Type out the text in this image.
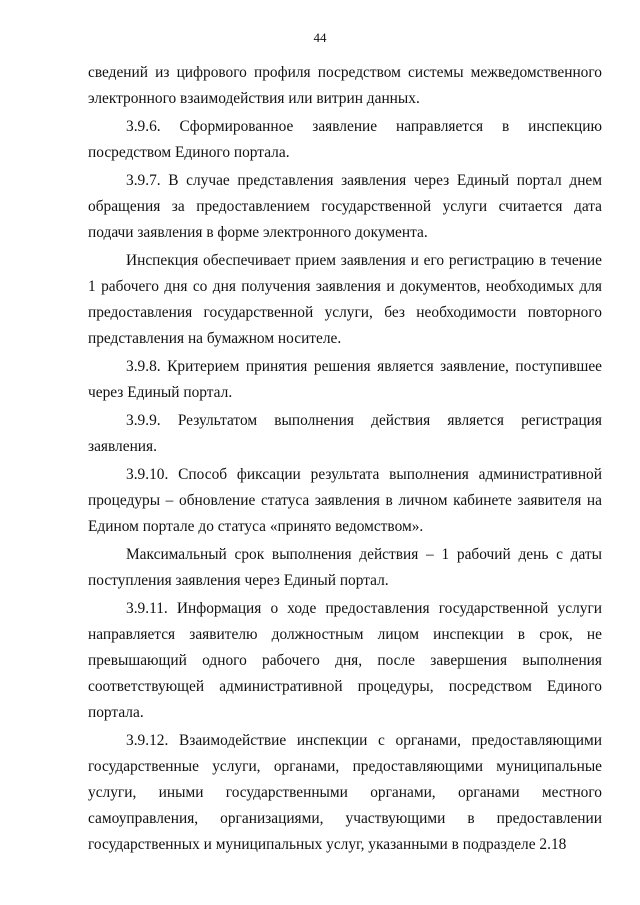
44

сведений из цифрового профиля посредством системы межведомственного электронного взаимодействия или витрин данных.

3.9.6. Сформированное заявление направляется в инспекцию посредством Единого портала.

3.9.7. В случае представления заявления через Единый портал днем обращения за предоставлением государственной услуги считается дата подачи заявления в форме электронного документа.

Инспекция обеспечивает прием заявления и его регистрацию в течение 1 рабочего дня со дня получения заявления и документов, необходимых для предоставления государственной услуги, без необходимости повторного представления на бумажном носителе.

3.9.8. Критерием принятия решения является заявление, поступившее через Единый портал.

3.9.9. Результатом выполнения действия является регистрация заявления.

3.9.10. Способ фиксации результата выполнения административной процедуры – обновление статуса заявления в личном кабинете заявителя на Едином портале до статуса «принято ведомством».

Максимальный срок выполнения действия – 1 рабочий день с даты поступления заявления через Единый портал.

3.9.11. Информация о ходе предоставления государственной услуги направляется заявителю должностным лицом инспекции в срок, не превышающий одного рабочего дня, после завершения выполнения соответствующей административной процедуры, посредством Единого портала.

3.9.12. Взаимодействие инспекции с органами, предоставляющими государственные услуги, органами, предоставляющими муниципальные услуги, иными государственными органами, органами местного самоуправления, организациями, участвующими в предоставлении государственных и муниципальных услуг, указанными в подразделе 2.18
